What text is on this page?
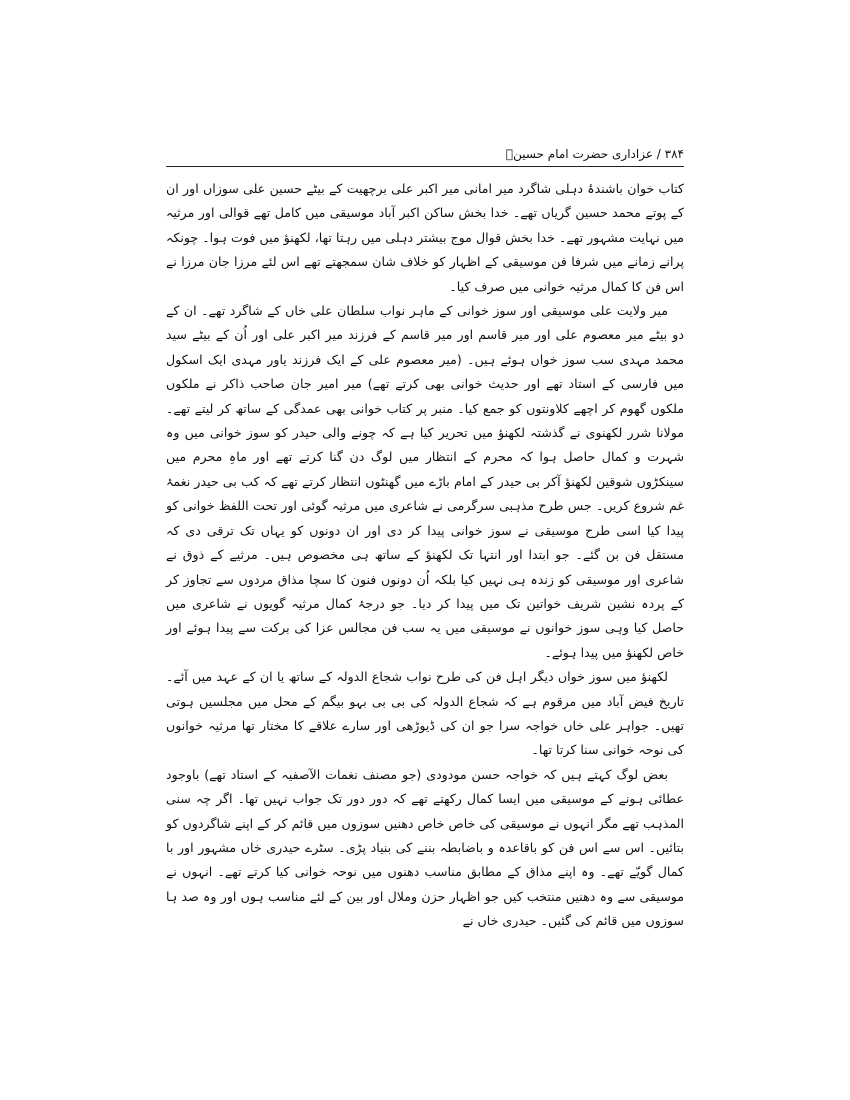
۳۸۴ / عزاداری حضرت امام حسینؑ

کتاب خوان باشندۂ دہلی شاگرد میر امانی میر اکبر علی برچھیت کے بیٹے حسین علی سوزاں اور ان کے پوتے محمد حسین گریاں تھے۔ خدا بخش ساکن اکبر آباد موسیقی میں کامل تھے قوالی اور مرثیہ میں نہایت مشہور تھے۔ خدا بخش قوال موج بیشتر دہلی میں رہتا تھا، لکھنؤ میں فوت ہوا۔ چونکہ پرانے زمانے میں شرفا فن موسیقی کے اظہار کو خلاف شان سمجھتے تھے اس لئے مرزا جان مرزا نے اس فن کا کمال مرثیہ خوانی میں صرف کیا۔

میر ولایت علی موسیقی اور سوز خوانی کے ماہر نواب سلطان علی خاں کے شاگرد تھے۔ ان کے دو بیٹے میر معصوم علی اور میر قاسم اور میر قاسم کے فرزند میر اکبر علی اور اُن کے بیٹے سید محمد مہدی سب سوز خواں ہوئے ہیں۔ (میر معصوم علی کے ایک فرزند یاور مہدی ایک اسکول میں فارسی کے استاد تھے اور حدیث خوانی بھی کرتے تھے) میر امیر جان صاحب ذاکر نے ملکوں ملکوں گھوم کر اچھے کلاونتوں کو جمع کیا۔ منبر پر کتاب خوانی بھی عمدگی کے ساتھ کر لیتے تھے۔ مولانا شرر لکھنوی نے گذشتہ لکھنؤ میں تحریر کیا ہے کہ چونے والی حیدر کو سوز خوانی میں وہ شہرت و کمال حاصل ہوا کہ محرم کے انتظار میں لوگ دن گنا کرتے تھے اور ماہِ محرم میں سینکڑوں شوقین لکھنؤ آکر بی حیدر کے امام باڑے میں گھنٹوں انتظار کرتے تھے کہ کب بی حیدر نغمۂ غم شروع کریں۔ جس طرح مذہبی سرگرمی نے شاعری میں مرثیہ گوئی اور تحت اللفظ خوانی کو پیدا کیا اسی طرح موسیقی نے سوز خوانی پیدا کر دی اور ان دونوں کو یہاں تک ترقی دی کہ مستقل فن بن گئے۔ جو ابتدا اور انتہا تک لکھنؤ کے ساتھ ہی مخصوص ہیں۔ مرثیے کے ذوق نے شاعری اور موسیقی کو زندہ ہی نہیں کیا بلکہ اُن دونوں فنون کا سچا مذاق مردوں سے تجاوز کر کے پردہ نشین شریف خواتین تک میں پیدا کر دیا۔ جو درجۂ کمال مرثیہ گویوں نے شاعری میں حاصل کیا وہی سوز خوانوں نے موسیقی میں یہ سب فن مجالس عزا کی برکت سے پیدا ہوئے اور خاص لکھنؤ میں پیدا ہوئے۔

لکھنؤ میں سوز خواں دیگر اہل فن کی طرح نواب شجاع الدولہ کے ساتھ یا ان کے عہد میں آئے۔ تاریخ فیض آباد میں مرقوم ہے کہ شجاع الدولہ کی بی بی بہو بیگم کے محل میں مجلسیں ہوتی تھیں۔ جواہر علی خاں خواجہ سرا جو ان کی ڈیوڑھی اور سارے علاقے کا مختار تھا مرثیہ خوانوں کی نوحہ خوانی سنا کرتا تھا۔

بعض لوگ کہتے ہیں کہ خواجہ حسن مودودی (جو مصنف نغمات الآصفیہ کے استاد تھے) باوجود عطائی ہونے کے موسیقی میں ایسا کمال رکھتے تھے کہ دور دور تک جواب نہیں تھا۔ اگر چہ سنی المذہب تھے مگر انہوں نے موسیقی کی خاص خاص دھنیں سوزوں میں قائم کر کے اپنے شاگردوں کو بتائیں۔ اس سے اس فن کو باقاعدہ و باضابطہ بننے کی بنیاد پڑی۔ سٹرے حیدری خاں مشہور اور با کمال گویّے تھے۔ وہ اپنے مذاق کے مطابق مناسب دھنوں میں نوحہ خوانی کیا کرتے تھے۔ انہوں نے موسیقی سے وہ دھنیں منتخب کیں جو اظہار حزن وملال اور بین کے لئے مناسب ہوں اور وہ صد ہا سوزوں میں قائم کی گئیں۔ حیدری خاں نے
